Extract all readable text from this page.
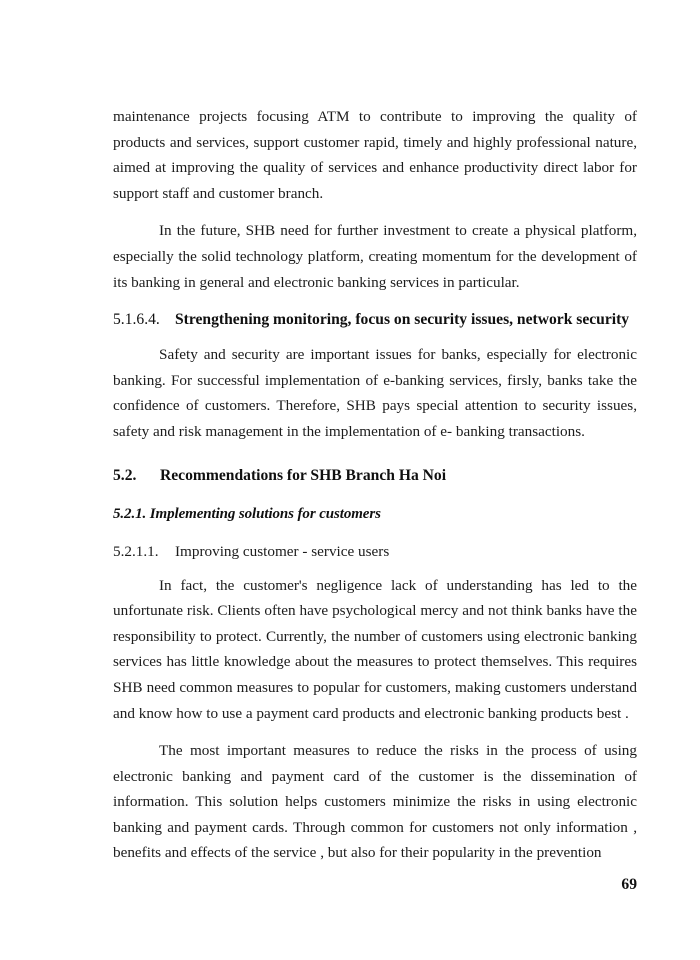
maintenance projects focusing ATM to contribute to improving the quality of products and services, support customer rapid, timely and highly professional nature, aimed at improving the quality of services and enhance productivity direct labor for support staff and customer branch.

In the future, SHB need for further investment to create a physical platform, especially the solid technology platform, creating momentum for the development of its banking in general and electronic banking services in particular.

5.1.6.4. Strengthening monitoring, focus on security issues, network security

Safety and security are important issues for banks, especially for electronic banking. For successful implementation of e-banking services, firsly, banks take the confidence of customers. Therefore, SHB pays special attention to security issues, safety and risk management in the implementation of e- banking transactions.

5.2. Recommendations for SHB Branch Ha Noi
5.2.1. Implementing solutions for customers
5.2.1.1. Improving customer - service users

In fact, the customer's negligence lack of understanding has led to the unfortunate risk. Clients often have psychological mercy and not think banks have the responsibility to protect. Currently, the number of customers using electronic banking services has little knowledge about the measures to protect themselves. This requires SHB need common measures to popular for customers, making customers understand and know how to use a payment card products and electronic banking products best .

The most important measures to reduce the risks in the process of using electronic banking and payment card of the customer is the dissemination of information. This solution helps customers minimize the risks in using electronic banking and payment cards. Through common for customers not only information , benefits and effects of the service , but also for their popularity in the prevention

69
